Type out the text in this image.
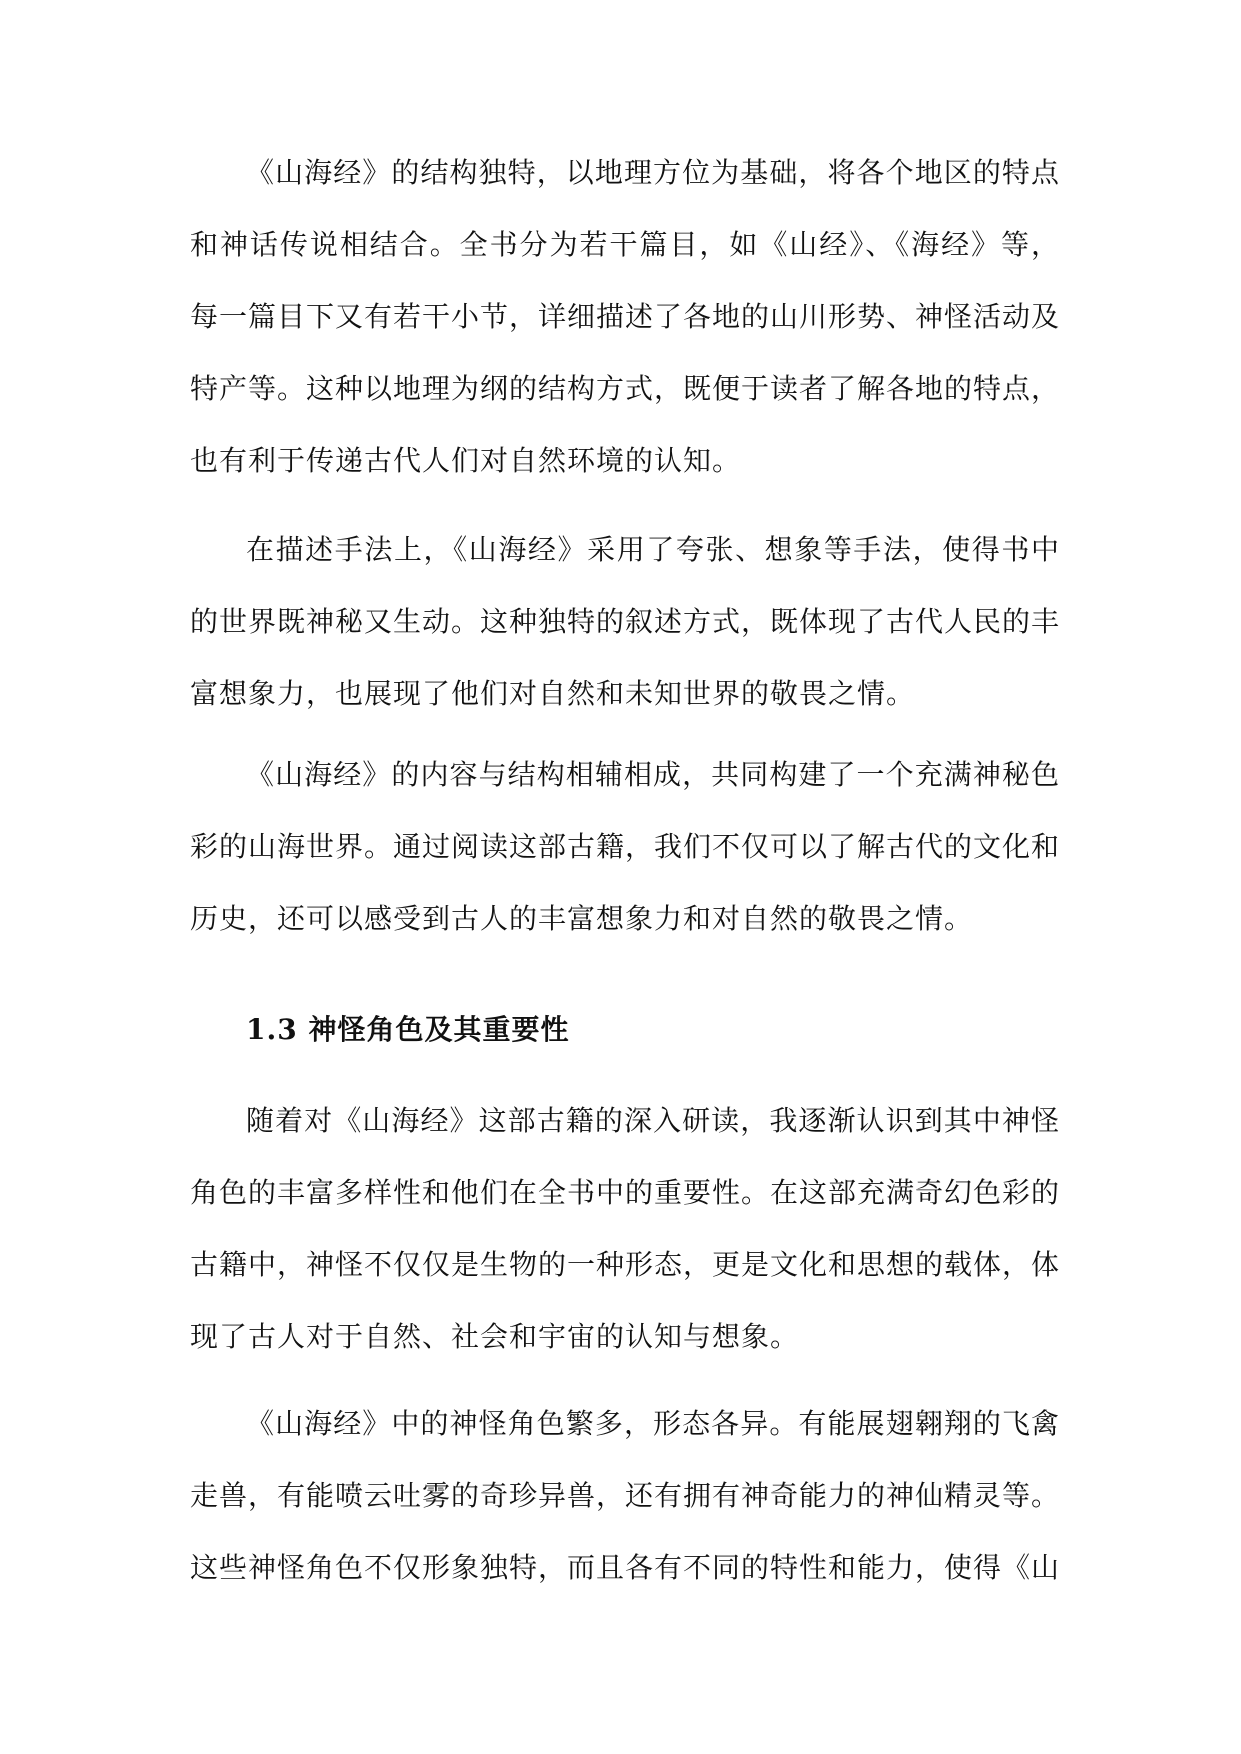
《山海经》的结构独特，以地理方位为基础，将各个地区的特点和神话传说相结合。全书分为若干篇目，如《山经》、《海经》等，每一篇目下又有若干小节，详细描述了各地的山川形势、神怪活动及特产等。这种以地理为纲的结构方式，既便于读者了解各地的特点，也有利于传递古代人们对自然环境的认知。

在描述手法上，《山海经》采用了夸张、想象等手法，使得书中的世界既神秘又生动。这种独特的叙述方式，既体现了古代人民的丰富想象力，也展现了他们对自然和未知世界的敬畏之情。

《山海经》的内容与结构相辅相成，共同构建了一个充满神秘色彩的山海世界。通过阅读这部古籍，我们不仅可以了解古代的文化和历史，还可以感受到古人的丰富想象力和对自然的敬畏之情。

1.3 神怪角色及其重要性

随着对《山海经》这部古籍的深入研读，我逐渐认识到其中神怪角色的丰富多样性和他们在全书中的重要性。在这部充满奇幻色彩的古籍中，神怪不仅仅是生物的一种形态，更是文化和思想的载体，体现了古人对于自然、社会和宇宙的认知与想象。

《山海经》中的神怪角色繁多，形态各异。有能展翅翱翔的飞禽走兽，有能喷云吐雾的奇珍异兽，还有拥有神奇能力的神仙精灵等。这些神怪角色不仅形象独特，而且各有不同的特性和能力，使得《山
